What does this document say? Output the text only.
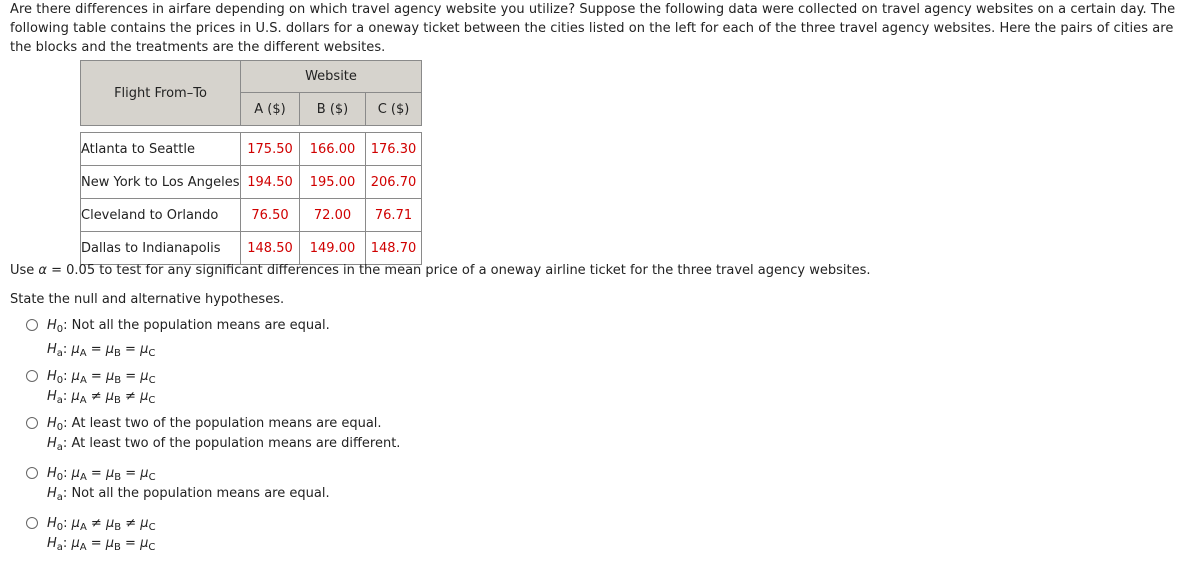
Are there differences in airfare depending on which travel agency website you utilize? Suppose the following data were collected on travel agency websites on a certain day. The following table contains the prices in U.S. dollars for a oneway ticket between the cities listed on the left for each of the three travel agency websites. Here the pairs of cities are the blocks and the treatments are the different websites.

Flight From–To	Website		
	A ($)	B ($)	C ($)

Atlanta to Seattle	175.50	166.00	176.30
New York to Los Angeles	194.50	195.00	206.70
Cleveland to Orlando	76.50	72.00	76.71
Dallas to Indianapolis	148.50	149.00	148.70

Use α = 0.05 to test for any significant differences in the mean price of a oneway airline ticket for the three travel agency websites.

State the null and alternative hypotheses.

$H_0$: Not all the population means are equal.
$H_a$: $\mu_A = \mu_B = \mu_C$
$H_0$: $\mu_A = \mu_B = \mu_C$
$H_a$: $\mu_A \ne \mu_B \ne \mu_C$
$H_0$: At least two of the population means are equal.
$H_a$: At least two of the population means are different.
$H_0$: $\mu_A = \mu_B = \mu_C$
$H_a$: Not all the population means are equal.
$H_0$: $\mu_A \ne \mu_B \ne \mu_C$
$H_a$: $\mu_A = \mu_B = \mu_C$
